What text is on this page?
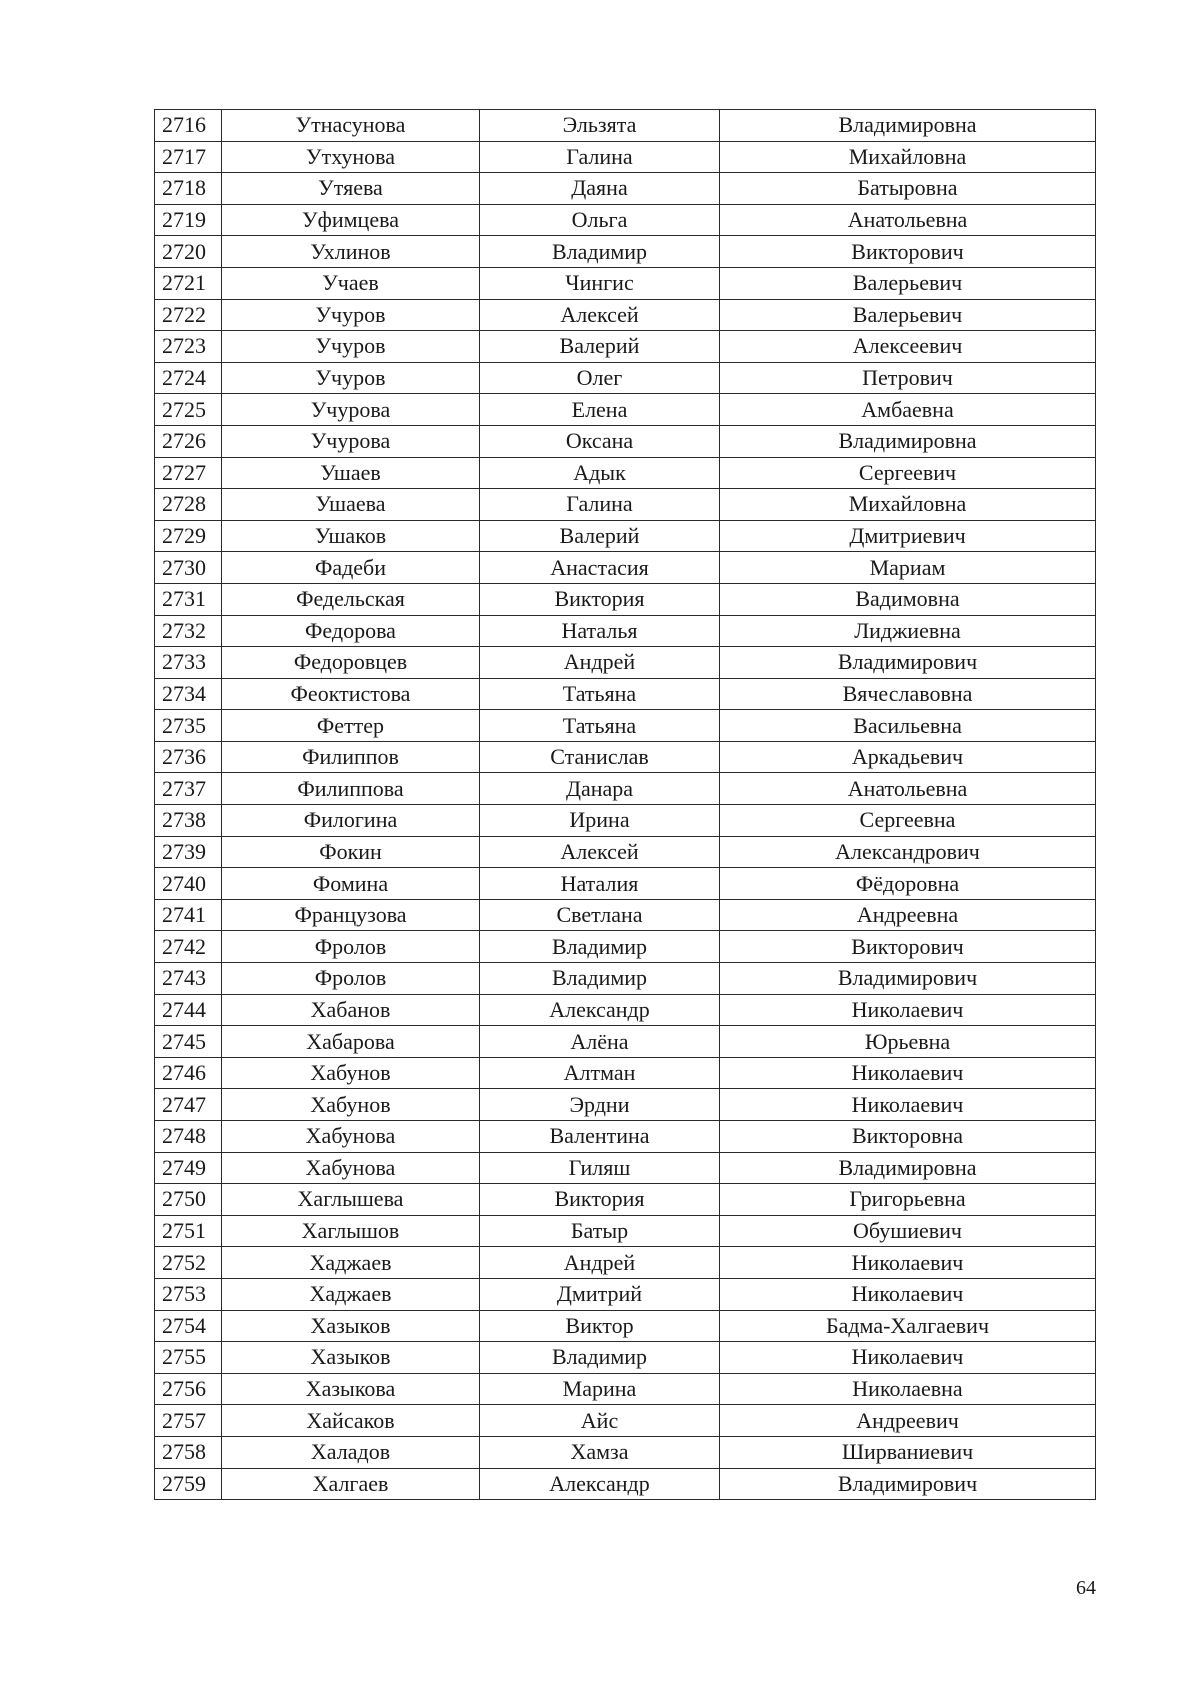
2716	Утнасунова	Эльзята	Владимировна
2717	Утхунова	Галина	Михайловна
2718	Утяева	Даяна	Батыровна
2719	Уфимцева	Ольга	Анатольевна
2720	Ухлинов	Владимир	Викторович
2721	Учаев	Чингис	Валерьевич
2722	Учуров	Алексей	Валерьевич
2723	Учуров	Валерий	Алексеевич
2724	Учуров	Олег	Петрович
2725	Учурова	Елена	Амбаевна
2726	Учурова	Оксана	Владимировна
2727	Ушаев	Адык	Сергеевич
2728	Ушаева	Галина	Михайловна
2729	Ушаков	Валерий	Дмитриевич
2730	Фадеби	Анастасия	Мариам
2731	Федельская	Виктория	Вадимовна
2732	Федорова	Наталья	Лиджиевна
2733	Федоровцев	Андрей	Владимирович
2734	Феоктистова	Татьяна	Вячеславовна
2735	Феттер	Татьяна	Васильевна
2736	Филиппов	Станислав	Аркадьевич
2737	Филиппова	Данара	Анатольевна
2738	Филогина	Ирина	Сергеевна
2739	Фокин	Алексей	Александрович
2740	Фомина	Наталия	Фёдоровна
2741	Французова	Светлана	Андреевна
2742	Фролов	Владимир	Викторович
2743	Фролов	Владимир	Владимирович
2744	Хабанов	Александр	Николаевич
2745	Хабарова	Алёна	Юрьевна
2746	Хабунов	Алтман	Николаевич
2747	Хабунов	Эрдни	Николаевич
2748	Хабунова	Валентина	Викторовна
2749	Хабунова	Гиляш	Владимировна
2750	Хаглышева	Виктория	Григорьевна
2751	Хаглышов	Батыр	Обушиевич
2752	Хаджаев	Андрей	Николаевич
2753	Хаджаев	Дмитрий	Николаевич
2754	Хазыков	Виктор	Бадма-Халгаевич
2755	Хазыков	Владимир	Николаевич
2756	Хазыкова	Марина	Николаевна
2757	Хайсаков	Айс	Андреевич
2758	Халадов	Хамза	Ширваниевич
2759	Халгаев	Александр	Владимирович
64
